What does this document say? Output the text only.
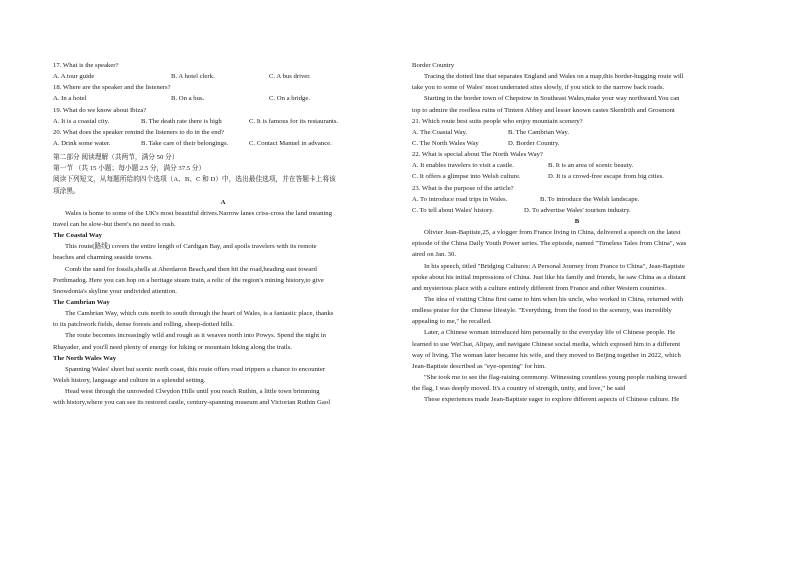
17. What is the speaker?
A. A tour guide	B. A hotel clerk.	C. A bus driver.
18. Where are the speaker and the listeners?
A. In a hotel	B. On a bus.	C. On a bridge.
19. What do we know about Ibiza?
A. It is a coastal city.	B. The death rate there is high	C. It is famous for its restaurants.
20. What does the speaker remind the listeners to do in the end?
A. Drink some water.	B. Take care of their belongings.	C. Contact Manuel in advance.
第二部分 阅读理解（共两节，满分 50 分）
第一节 （共 15 小题；每小题 2.5 分，满分 37.5 分）
阅读下列短文，从每题所给的四个选项（A、B、C 和 D）中，选出最佳选项，并在答题卡上将该
项涂黑。
A
Wales is home to some of the UK's most beautiful drives.Narrow lanes criss-cross the land meaning
travel can be slow-but there's no need to rush.
The Coastal Way
This route(路线) covers the entire length of Cardigan Bay, and spoils travelers with its remote
beaches and charming seaside towns.
Comb the sand for fossils,shells at Aberdaron Beach,and then hit the road,heading east toward
Porthmadog. Here you can hop on a heritage steam train, a relic of the region's mining history,to give
Snowdonia's skyline your undivided attention.
The Cambrian Way
The Cambrian Way, which cuts north to south through the heart of Wales, is a fantastic place, thanks
to its patchwork fields, dense forests and rolling, sheep-dotted hills.
The route becomes increasingly wild and rough as it weaves north into Powys. Spend the night in
Rhayader, and you'll need plenty of energy for hiking or mountain biking along the trails.
The North Wales Way
Spanning Wales' short but scenic north coast, this route offers road trippers a chance to encounter
Welsh history, language and culture in a splendid setting.
Head west through the unrowded Clwydon Hills until you reach Ruthin, a little town brimming
with history,where you can see its restored castle, century-spanning museum and Victorian Ruthin Gaol
Border Country
Tracing the dotted line that separates England and Wales on a map,this border-hugging route will
take you to some of Wales' most underrated sites slowly, if you stick to the narrow back roads.
Starting in the border town of Chepstow in Southeast Wales,make your way northward.You can
top to admire the roofless ruins of Tintern Abbey and lesser known castes Skenfrith and Grosmont
21. Which route best suits people who enjoy mountain scenery?
A. The Coastal Way.	B. The Cambrian Way.
C. The North Wales Way	D. Border Country.
22. What is special about The North Wales Way?
A. It enables travelers to visit a castle.	B. It is an area of scenic beauty.
C. It offers a glimpse into Welsh culture.	D. It is a crowd-free escape from big cities.
23. What is the purpose of the article?
A. To introduce road trips in Wales.	B. To introduce the Welsh landscape.
C. To tell about Wales' history.	D. To advertise Wales' tourism industry.
B
Olivier Jean-Baptiste,25, a vlogger from France living in China, delivered a speech on the latest
episode of the China Daily Youth Power series. The episode, named "Timeless Tales from China", was
aired on Jan. 30.
In his speech, titled "Bridging Cultures: A Personal Journey from France to China", Jean-Baptiste
spoke about his initial impressions of China. Just like his family and friends, he saw China as a distant
and mysterious place with a culture entirely different from France and other Western countries.
The idea of visiting China first came to him when his uncle, who worked in China, returned with
endless praise for the Chinese lifestyle. "Everything, from the food to the scenery, was incredibly
appealing to me," he recalled.
Later, a Chinese woman introduced him personally to the everyday life of Chinese people. He
learned to use WeChat, Alipay, and navigate Chinese social media, which exposed him to a different
way of living. The woman later became his wife, and they moved to Beijing together in 2022, which
Jean-Baptiste described as "eye-opening" for him.
"She took me to see the flag-raising ceremony. Witnessing countless young people rushing toward
the flag, I was deeply moved. It's a country of strength, unity, and love," he said
These experiences made Jean-Baptiste eager to explore different aspects of Chinese culture. He
